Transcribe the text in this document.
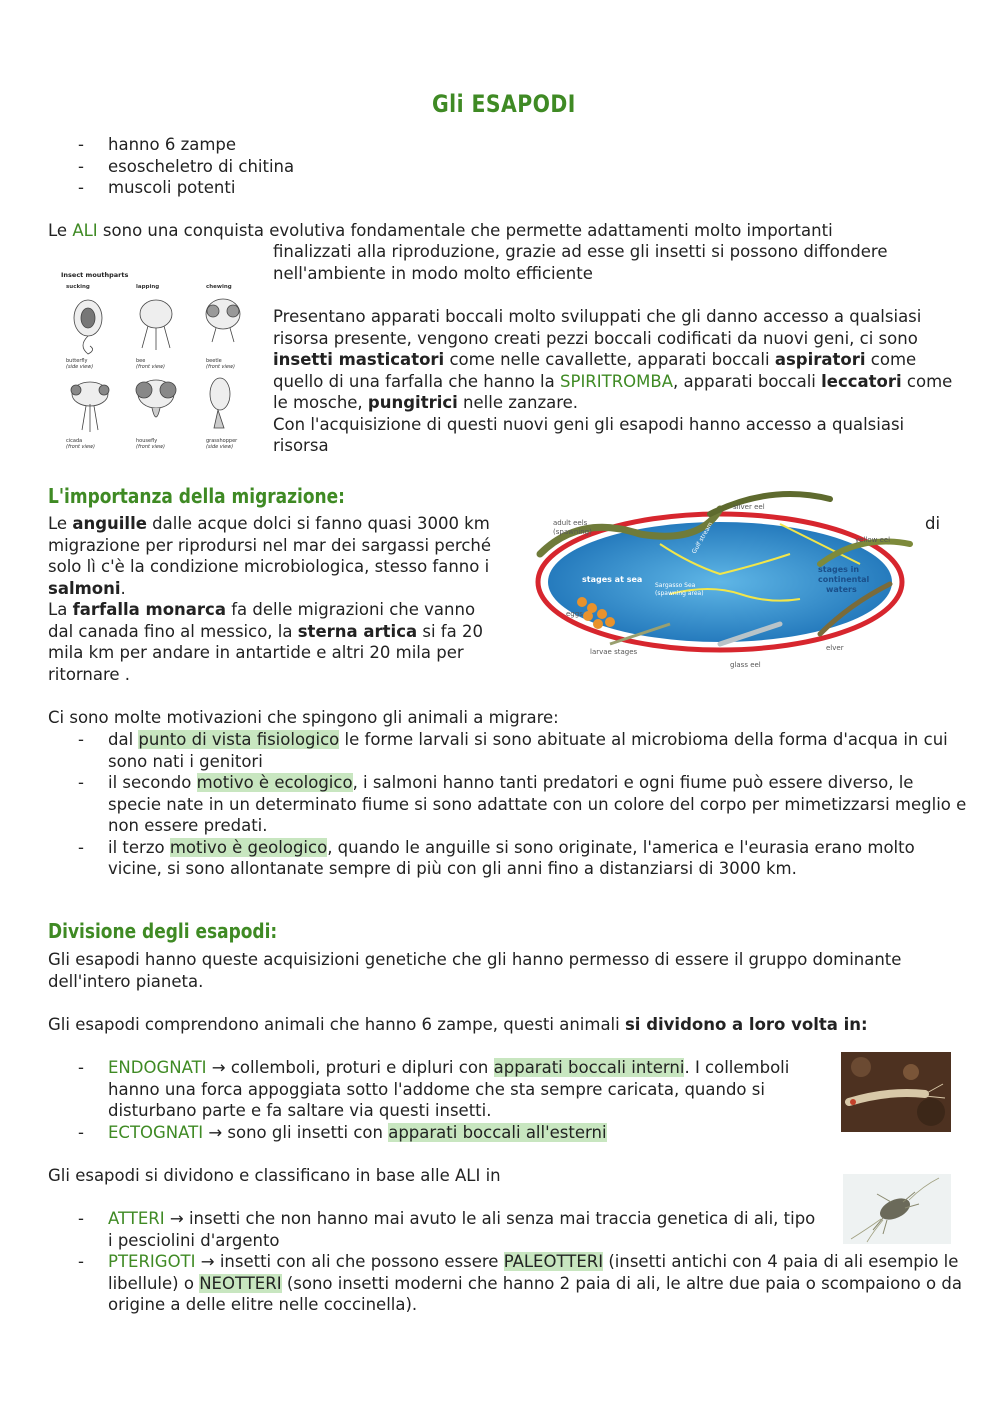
Gli ESAPODI
- hanno 6 zampe
- esoscheletro di chitina
- muscoli potenti
Le ALI sono una conquista evolutiva fondamentale che permette adattamenti molto importanti
finalizzati alla riproduzione, grazie ad esse gli insetti si possono diffondere nell'ambiente in modo molto efficiente
Insect mouthparts
sucking	lapping	chewing
butterfly
(side view)
bee
(front view)
beetle
(front view)
cicada
(front view)
housefly
(front view)
grasshopper
(side view)
Presentano apparati boccali molto sviluppati che gli danno accesso a qualsiasi risorsa presente, vengono creati pezzi boccali codificati da nuovi geni, ci sono insetti masticatori come nelle cavallette, apparati boccali aspiratori come quello di una farfalla che hanno la SPIRITROMBA, apparati boccali leccatori come le mosche, pungitrici nelle zanzare.
Con l'acquisizione di questi nuovi geni gli esapodi hanno accesso a qualsiasi risorsa
L'importanza della migrazione:
Le anguille dalle acque dolci si fanno quasi 3000 km
migrazione per riprodursi nel mar dei sargassi perché solo lì c'è la condizione microbiologica, stesso fanno i salmoni.
La farfalla monarca fa delle migrazioni che vanno dal canada fino al messico, la sterna artica si fa 20 mila km per andare in antartide e altri 20 mila per ritornare .
di
adult eels
(spawning)
silver eel
yellow eel
stages at sea
Sargasso Sea
(spawning area)
Gulf stream
stages in
continental
waters
eggs
larvae stages
glass eel
elver
Ci sono molte motivazioni che spingono gli animali a migrare:
- dal punto di vista fisiologico le forme larvali si sono abituate al microbioma della forma d'acqua in cui sono nati i genitori
- il secondo motivo è ecologico, i salmoni hanno tanti predatori e ogni fiume può essere diverso, le specie nate in un determinato fiume si sono adattate con un colore del corpo per mimetizzarsi meglio e non essere predati.
- il terzo motivo è geologico, quando le anguille si sono originate, l'america e l'eurasia erano molto vicine, si sono allontanate sempre di più con gli anni fino a distanziarsi di 3000 km.
Divisione degli esapodi:
Gli esapodi hanno queste acquisizioni genetiche che gli hanno permesso di essere il gruppo dominante dell'intero pianeta.
Gli esapodi comprendono animali che hanno 6 zampe, questi animali si dividono a loro volta in:
- ENDOGNATI → collemboli, proturi e dipluri con apparati boccali interni. I collemboli hanno una forca appoggiata sotto l'addome che sta sempre caricata, quando si disturbano parte e fa saltare via questi insetti.
- ECTOGNATI → sono gli insetti con apparati boccali all'esterni
Gli esapodi si dividono e classificano in base alle ALI in
- ATTERI → insetti che non hanno mai avuto le ali senza mai traccia genetica di ali, tipo i pesciolini d'argento
- PTERIGOTI → insetti con ali che possono essere PALEOTTERI (insetti antichi con 4 paia di ali esempio le libellule) o NEOTTERI (sono insetti moderni che hanno 2 paia di ali, le altre due paia o scompaiono o da origine a delle elitre nelle coccinella).
